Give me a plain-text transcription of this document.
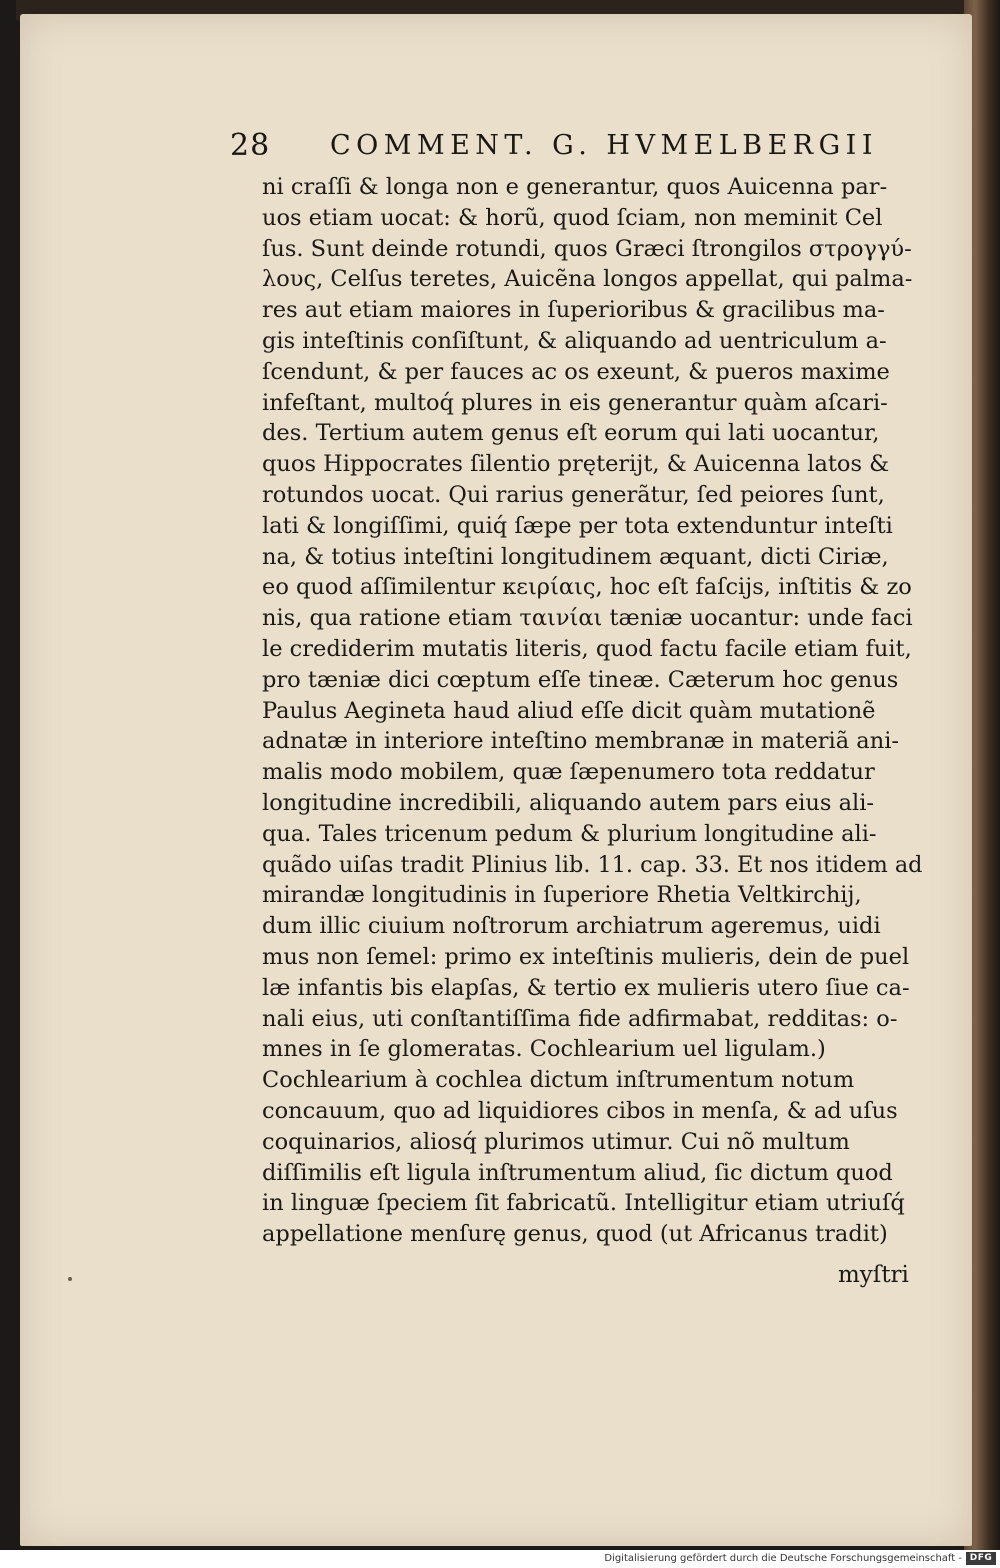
28 COMMENT. G. HVMELBERGII
ni craſſi & longa non e generantur, quos Auicenna par-
uos etiam uocat: & horũ, quod ſciam, non meminit Cel
ſus. Sunt deinde rotundi, quos Græci ſtrongilos στρογγύ-
λους, Celſus teretes, Auicẽna longos appellat, qui palma-
res aut etiam maiores in ſuperioribus & gracilibus ma-
gis inteſtinis conſiſtunt, & aliquando ad uentriculum a-
ſcendunt, & per fauces ac os exeunt, & pueros maxime
infeſtant, multoq́ plures in eis generantur quàm aſcari-
des. Tertium autem genus eſt eorum qui lati uocantur,
quos Hippocrates ſilentio pręterijt, & Auicenna latos &
rotundos uocat. Qui rarius generãtur, ſed peiores ſunt,
lati & longiſſimi, quiq́ ſæpe per tota extenduntur inteſti
na, & totius inteſtini longitudinem æquant, dicti Ciriæ,
eo quod aſſimilentur κειρίαις, hoc eſt faſcijs, inſtitis & zo
nis, qua ratione etiam ταινίαι tæniæ uocantur: unde faci
le crediderim mutatis literis, quod factu facile etiam fuit,
pro tæniæ dici cœptum eſſe tineæ. Cæterum hoc genus
Paulus Aegineta haud aliud eſſe dicit quàm mutationẽ
adnatæ in interiore inteſtino membranæ in materiã ani-
malis modo mobilem, quæ ſæpenumero tota reddatur
longitudine incredibili, aliquando autem pars eius ali-
qua. Tales tricenum pedum & plurium longitudine ali-
quãdo uiſas tradit Plinius lib. 11. cap. 33. Et nos itidem ad
mirandæ longitudinis in ſuperiore Rhetia Veltkirchij,
dum illic ciuium noſtrorum archiatrum ageremus, uidi
mus non ſemel: primo ex inteſtinis mulieris, dein de puel
læ infantis bis elapſas, & tertio ex mulieris utero ſiue ca-
nali eius, uti conſtantiſſima fide adfirmabat, redditas: o-
mnes in ſe glomeratas. Cochlearium uel ligulam.)
Cochlearium à cochlea dictum inſtrumentum notum
concauum, quo ad liquidiores cibos in menſa, & ad uſus
coquinarios, aliosq́ plurimos utimur. Cui nõ multum
diſſimilis eſt ligula inſtrumentum aliud, ſic dictum quod
in linguæ ſpeciem ſit fabricatũ. Intelligitur etiam utriuſq́
appellatione menſurę genus, quod (ut Africanus tradit)
myſtri
Digitalisierung gefördert durch die Deutsche Forschungsgemeinschaft - DFG
